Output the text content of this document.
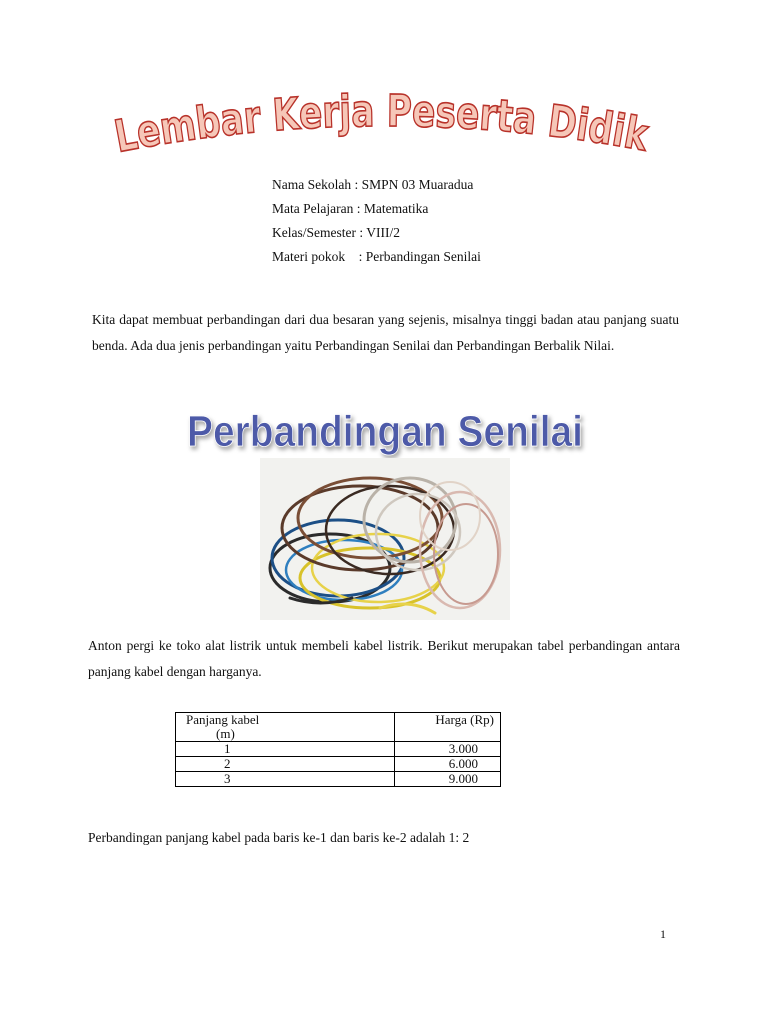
Lembar Kerja Peserta Didik
Nama Sekolah : SMPN 03 Muaradua
Mata Pelajaran : Matematika
Kelas/Semester : VIII/2
Materi pokok    : Perbandingan Senilai
Kita dapat membuat perbandingan dari dua besaran yang sejenis, misalnya tinggi badan atau panjang suatu benda. Ada dua jenis perbandingan yaitu Perbandingan Senilai dan Perbandingan Berbalik Nilai.
Perbandingan Senilai
Anton pergi ke toko alat listrik untuk membeli kabel listrik. Berikut merupakan tabel perbandingan antara panjang kabel dengan harganya.
Panjang kabel
(m)	Harga (Rp)
1	3.000
2	6.000
3	9.000
Perbandingan panjang kabel pada baris ke-1 dan baris ke-2 adalah 1: 2
1
